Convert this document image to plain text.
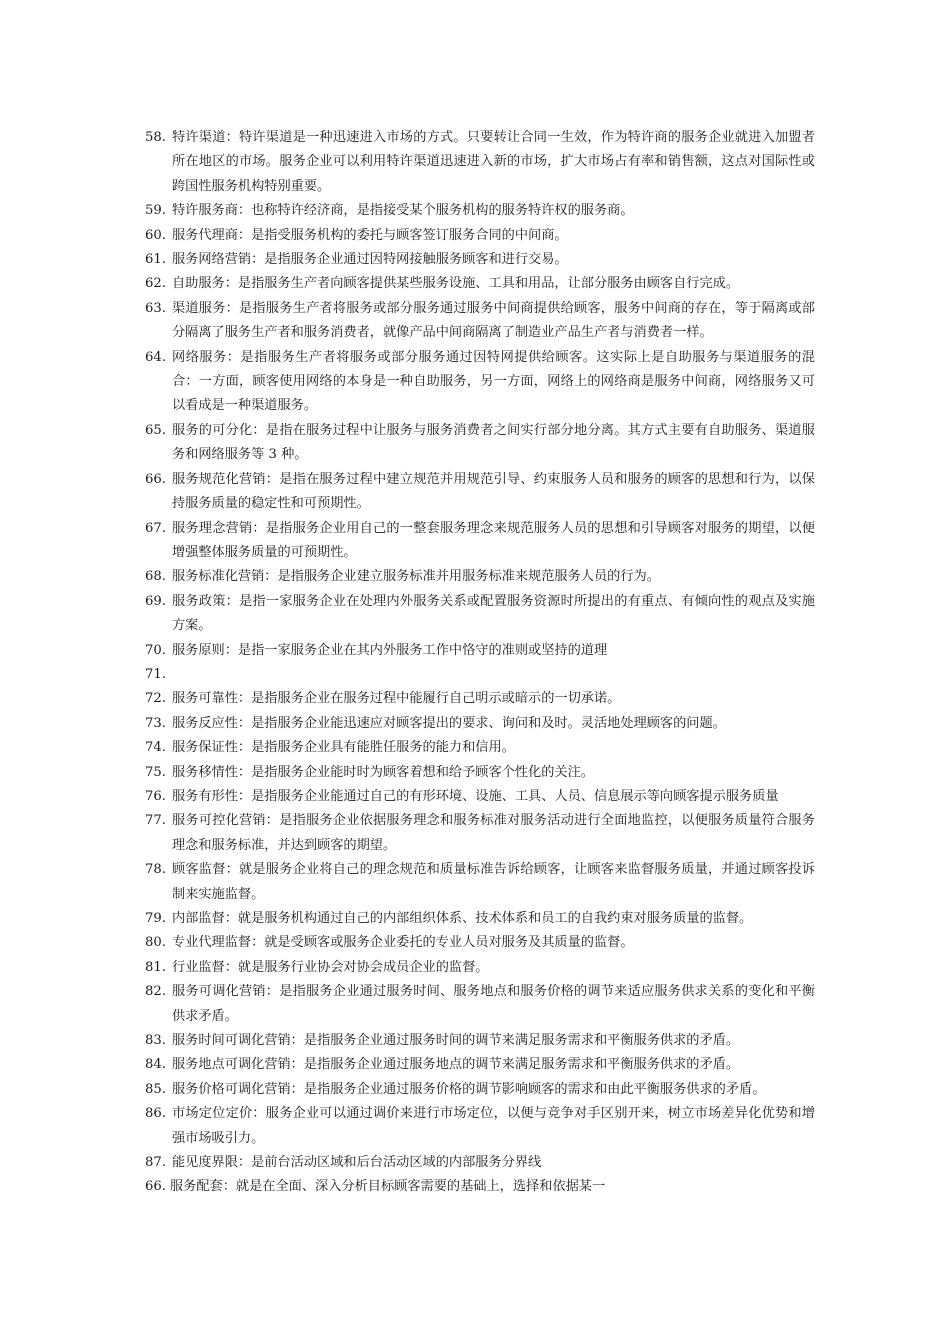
58. 特许渠道：特许渠道是一种迅速进入市场的方式。只要转让合同一生效，作为特许商的服务企业就进入加盟者所在地区的市场。服务企业可以利用特许渠道迅速进入新的市场，扩大市场占有率和销售额，这点对国际性或跨国性服务机构特别重要。
59. 特许服务商：也称特许经济商，是指接受某个服务机构的服务特许权的服务商。
60. 服务代理商：是指受服务机构的委托与顾客签订服务合同的中间商。
61. 服务网络营销：是指服务企业通过因特网接触服务顾客和进行交易。
62. 自助服务：是指服务生产者向顾客提供某些服务设施、工具和用品，让部分服务由顾客自行完成。
63. 渠道服务：是指服务生产者将服务或部分服务通过服务中间商提供给顾客，服务中间商的存在，等于隔离或部分隔离了服务生产者和服务消费者，就像产品中间商隔离了制造业产品生产者与消费者一样。
64. 网络服务：是指服务生产者将服务或部分服务通过因特网提供给顾客。这实际上是自助服务与渠道服务的混合：一方面，顾客使用网络的本身是一种自助服务，另一方面，网络上的网络商是服务中间商，网络服务又可以看成是一种渠道服务。
65. 服务的可分化：是指在服务过程中让服务与服务消费者之间实行部分地分离。其方式主要有自助服务、渠道服务和网络服务等 3 种。
66. 服务规范化营销：是指在服务过程中建立规范并用规范引导、约束服务人员和服务的顾客的思想和行为，以保持服务质量的稳定性和可预期性。
67. 服务理念营销：是指服务企业用自己的一整套服务理念来规范服务人员的思想和引导顾客对服务的期望，以便增强整体服务质量的可预期性。
68. 服务标准化营销：是指服务企业建立服务标准并用服务标准来规范服务人员的行为。
69. 服务政策：是指一家服务企业在处理内外服务关系或配置服务资源时所提出的有重点、有倾向性的观点及实施方案。
70. 服务原则：是指一家服务企业在其内外服务工作中恪守的准则或坚持的道理
71.
72. 服务可靠性：是指服务企业在服务过程中能履行自己明示或暗示的一切承诺。
73. 服务反应性：是指服务企业能迅速应对顾客提出的要求、询问和及时。灵活地处理顾客的问题。
74. 服务保证性：是指服务企业具有能胜任服务的能力和信用。
75. 服务移情性：是指服务企业能时时为顾客着想和给予顾客个性化的关注。
76. 服务有形性：是指服务企业能通过自己的有形环境、设施、工具、人员、信息展示等向顾客提示服务质量
77. 服务可控化营销：是指服务企业依据服务理念和服务标准对服务活动进行全面地监控，以便服务质量符合服务理念和服务标准，并达到顾客的期望。
78. 顾客监督：就是服务企业将自己的理念规范和质量标准告诉给顾客，让顾客来监督服务质量，并通过顾客投诉制来实施监督。
79. 内部监督：就是服务机构通过自己的内部组织体系、技术体系和员工的自我约束对服务质量的监督。
80. 专业代理监督：就是受顾客或服务企业委托的专业人员对服务及其质量的监督。
81. 行业监督：就是服务行业协会对协会成员企业的监督。
82. 服务可调化营销：是指服务企业通过服务时间、服务地点和服务价格的调节来适应服务供求关系的变化和平衡供求矛盾。
83. 服务时间可调化营销：是指服务企业通过服务时间的调节来满足服务需求和平衡服务供求的矛盾。
84. 服务地点可调化营销：是指服务企业通过服务地点的调节来满足服务需求和平衡服务供求的矛盾。
85. 服务价格可调化营销：是指服务企业通过服务价格的调节影响顾客的需求和由此平衡服务供求的矛盾。
86. 市场定位定价：服务企业可以通过调价来进行市场定位，以便与竞争对手区别开来，树立市场差异化优势和增强市场吸引力。
87. 能见度界限：是前台活动区域和后台活动区域的内部服务分界线
66. 服务配套：就是在全面、深入分析目标顾客需要的基础上，选择和依据某一
